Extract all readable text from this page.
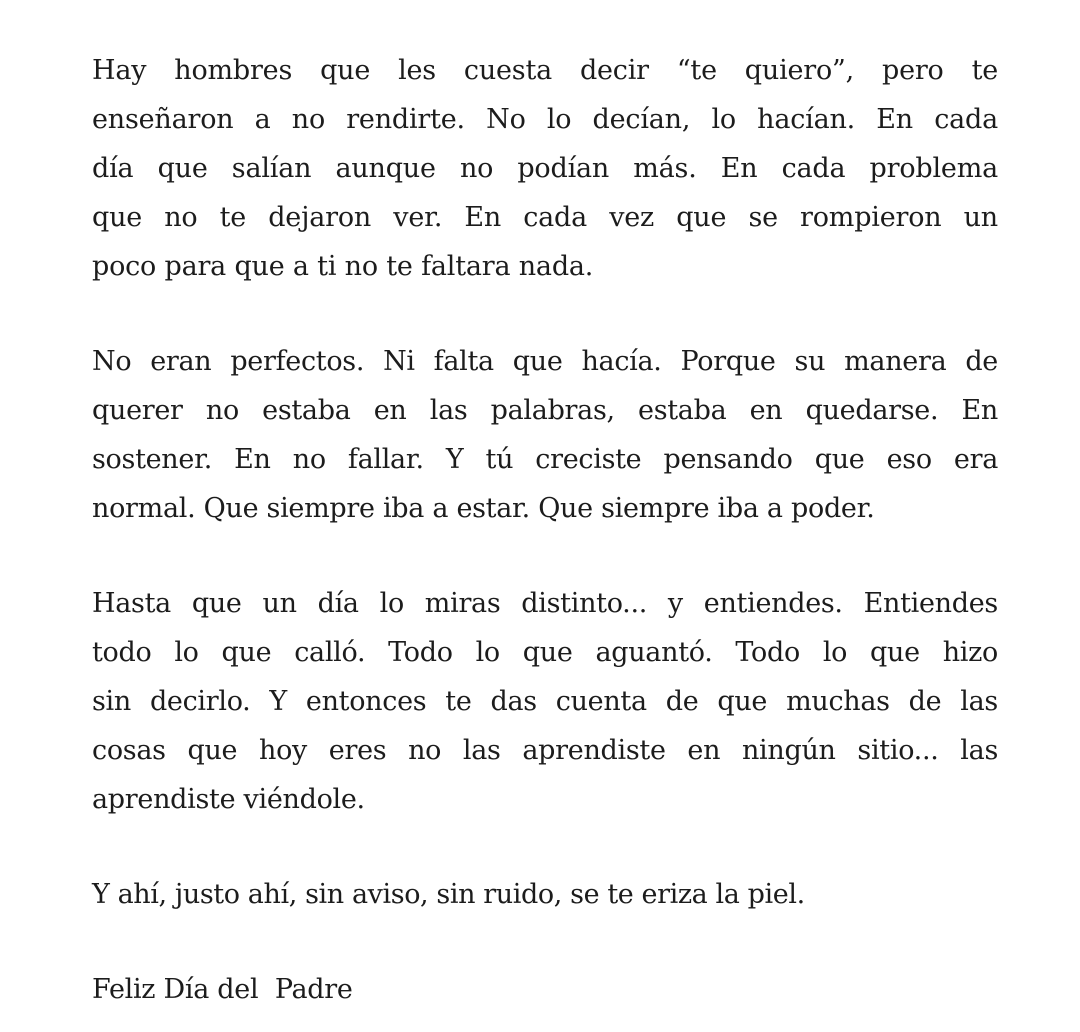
Hay hombres que les cuesta decir “te quiero”, pero te
enseñaron a no rendirte. No lo decían, lo hacían. En cada
día que salían aunque no podían más. En cada problema
que no te dejaron ver. En cada vez que se rompieron un
poco para que a ti no te faltara nada.

No eran perfectos. Ni falta que hacía. Porque su manera de
querer no estaba en las palabras, estaba en quedarse. En
sostener. En no fallar. Y tú creciste pensando que eso era
normal. Que siempre iba a estar. Que siempre iba a poder.

Hasta que un día lo miras distinto... y entiendes. Entiendes
todo lo que calló. Todo lo que aguantó. Todo lo que hizo
sin decirlo. Y entonces te das cuenta de que muchas de las
cosas que hoy eres no las aprendiste en ningún sitio... las
aprendiste viéndole.

Y ahí, justo ahí, sin aviso, sin ruido, se te eriza la piel.

Feliz Día del  Padre
